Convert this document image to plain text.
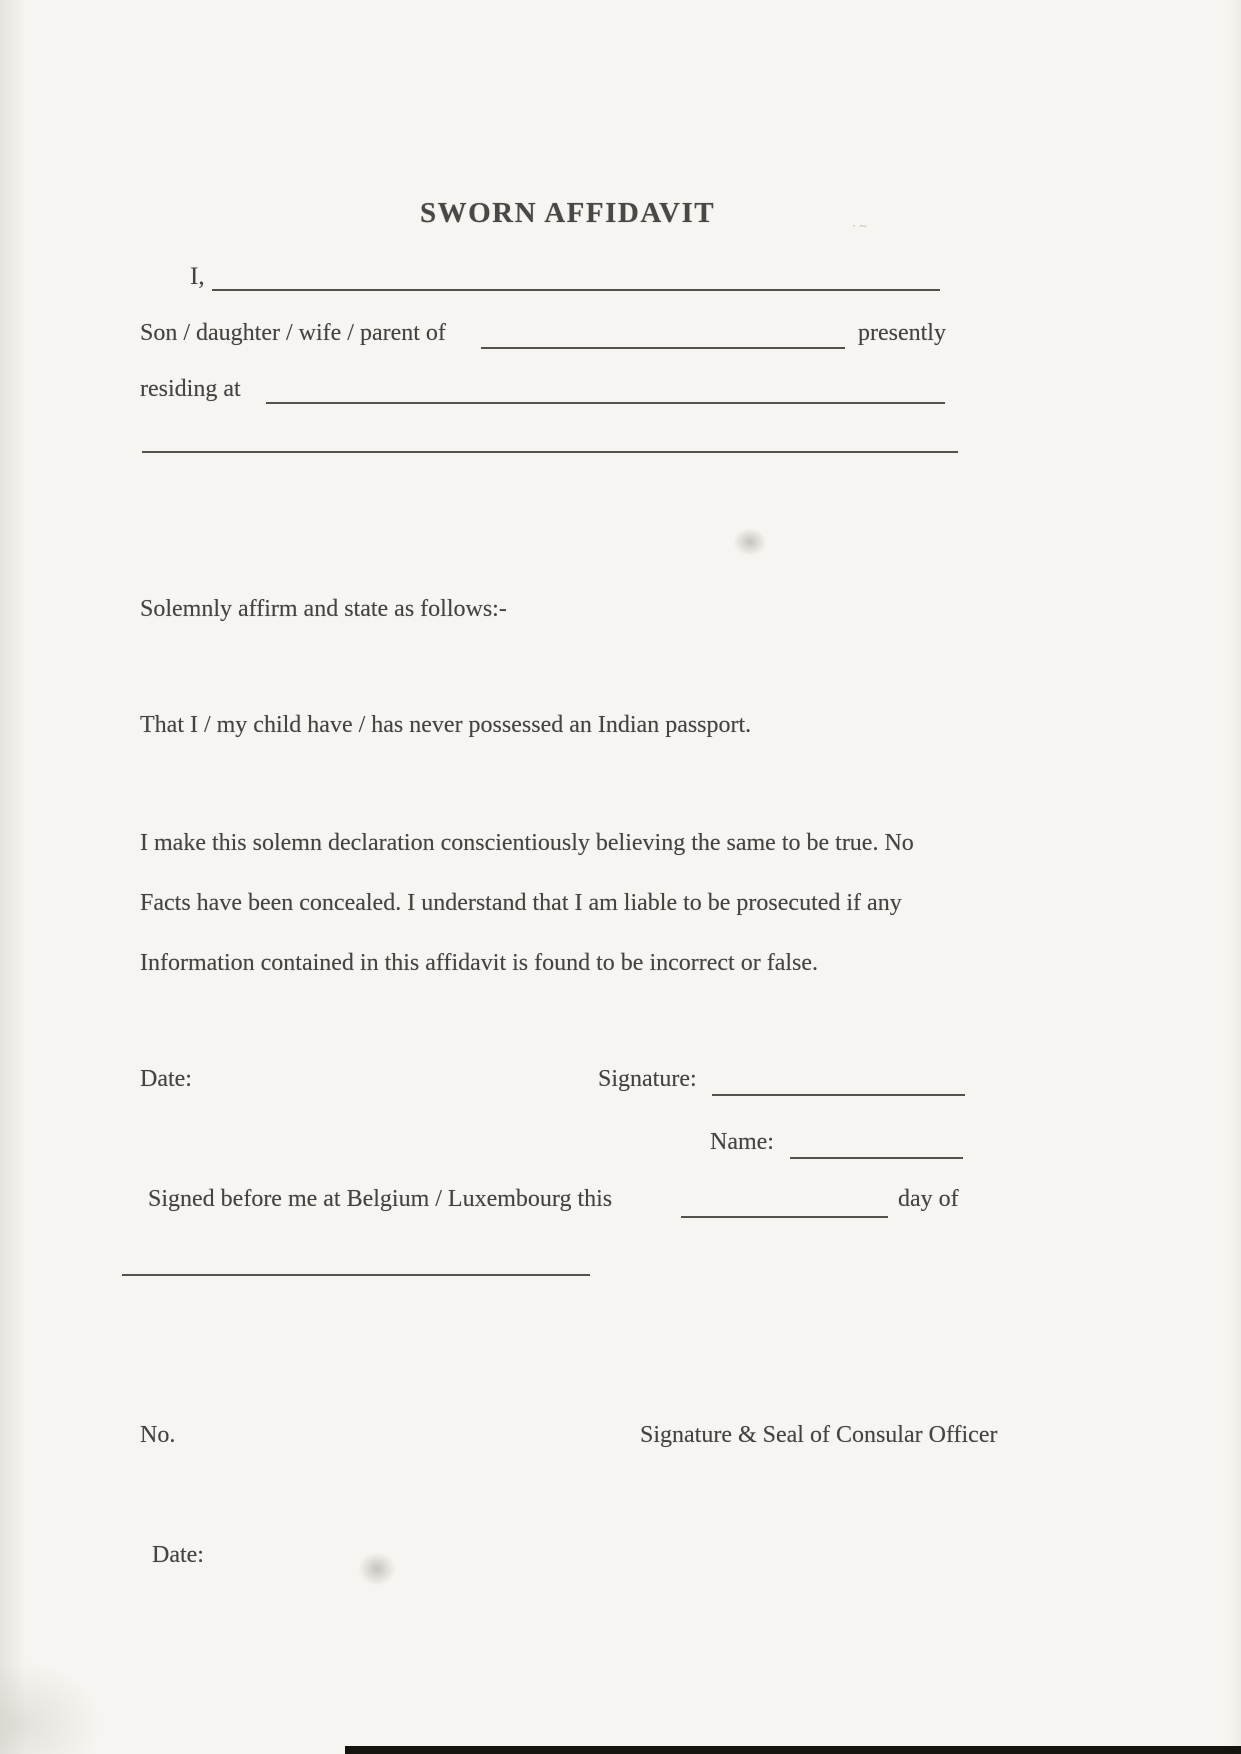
SWORN AFFIDAVIT	·~
I,
Son / daughter / wife / parent of	presently
residing at
Solemnly affirm and state as follows:-
That I / my child have / has never possessed an Indian passport.
I make this solemn declaration conscientiously believing the same to be true. No
Facts have been concealed. I understand that I am liable to be prosecuted if any
Information contained in this affidavit is found to be incorrect or false.
Date:	Signature:
Name:
Signed before me at Belgium / Luxembourg this	day of
No.	Signature & Seal of Consular Officer
Date:
